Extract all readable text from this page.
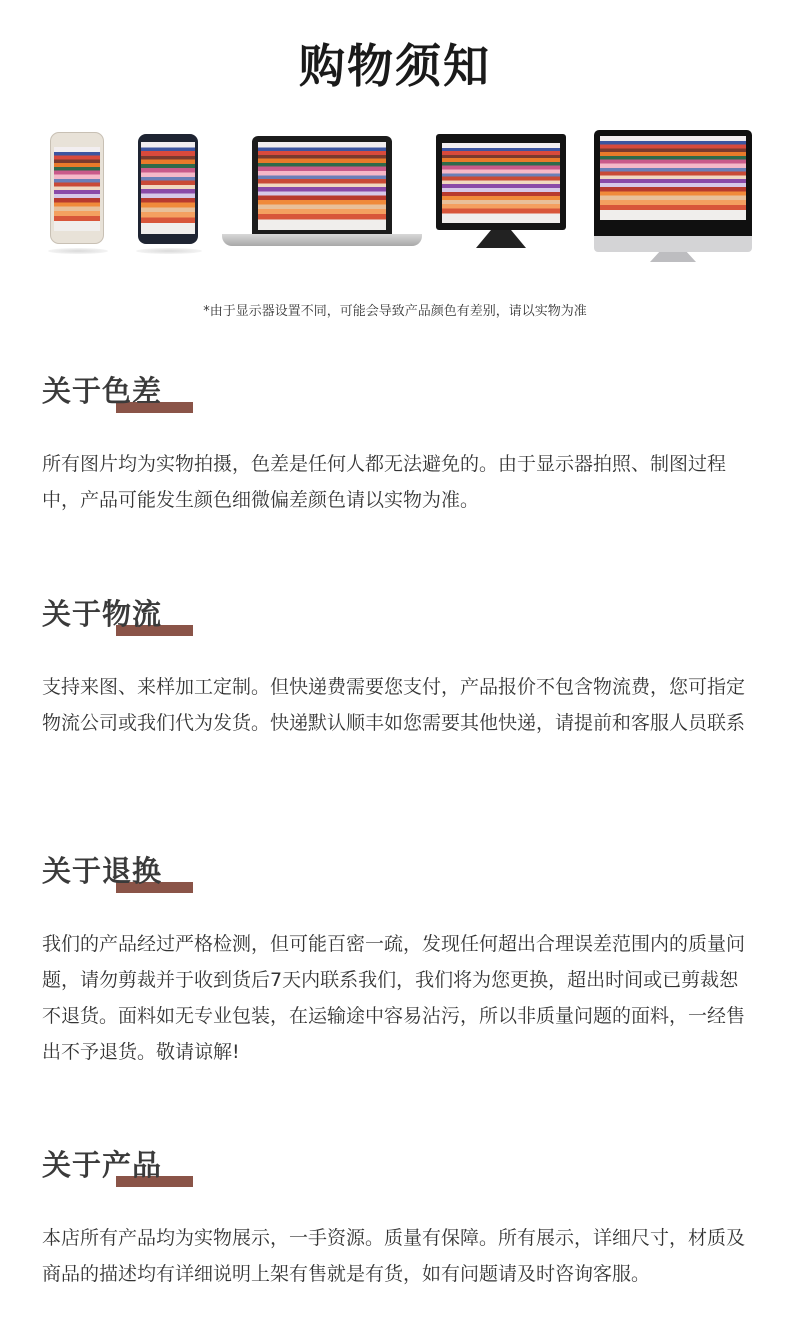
购物须知
*由于显示器设置不同，可能会导致产品颜色有差别，请以实物为准
关于色差
所有图片均为实物拍摄，色差是任何人都无法避免的。由于显示器拍照、制图过程中，产品可能发生颜色细微偏差颜色请以实物为准。
关于物流
支持来图、来样加工定制。但快递费需要您支付，产品报价不包含物流费，您可指定物流公司或我们代为发货。快递默认顺丰如您需要其他快递，请提前和客服人员联系
关于退换
我们的产品经过严格检测，但可能百密一疏，发现任何超出合理误差范围内的质量问题，请勿剪裁并于收到货后7天内联系我们，我们将为您更换，超出时间或已剪裁恕不退货。面料如无专业包装，在运输途中容易沾污，所以非质量问题的面料，一经售出不予退货。敬请谅解!
关于产品
本店所有产品均为实物展示，一手资源。质量有保障。所有展示，详细尺寸，材质及商品的描述均有详细说明上架有售就是有货，如有问题请及时咨询客服。
